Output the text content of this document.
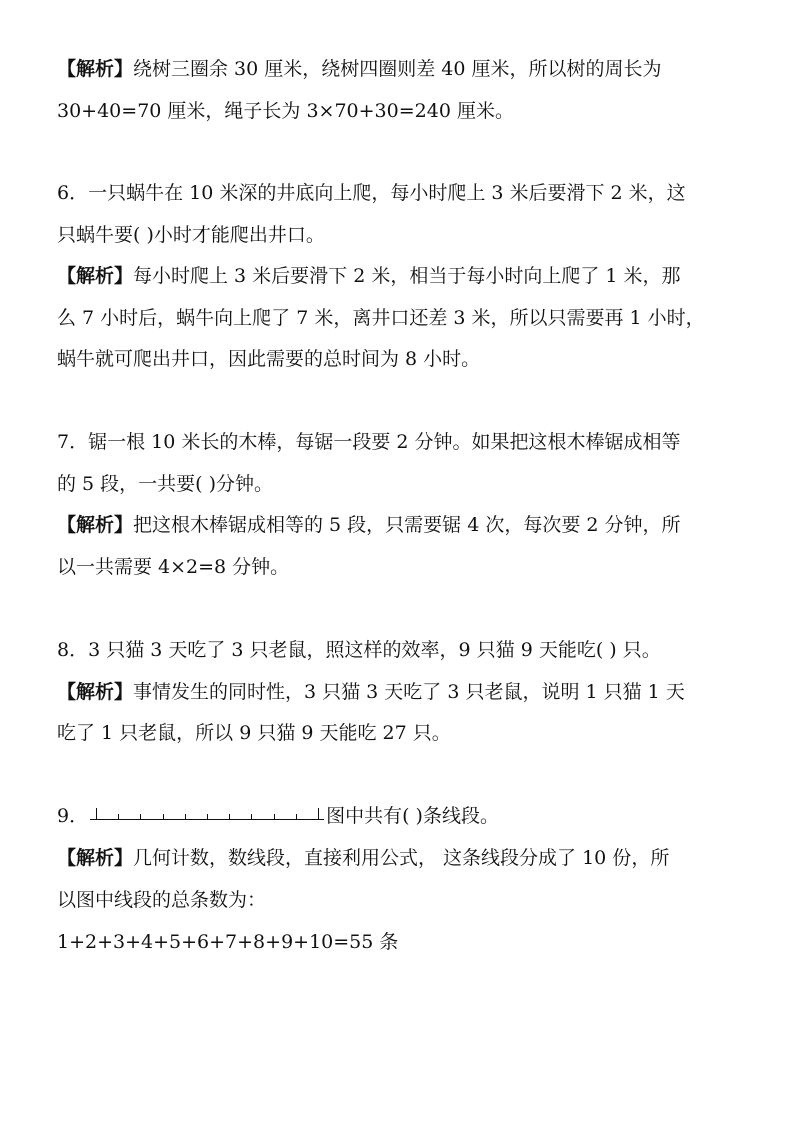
【解析】绕树三圈余 30 厘米，绕树四圈则差 40 厘米，所以树的周长为
30+40=70 厘米，绳子长为 3×70+30=240 厘米。
6．一只蜗牛在 10 米深的井底向上爬，每小时爬上 3 米后要滑下 2 米，这
只蜗牛要( )小时才能爬出井口。
【解析】每小时爬上 3 米后要滑下 2 米，相当于每小时向上爬了 1 米，那
么 7 小时后，蜗牛向上爬了 7 米，离井口还差 3 米，所以只需要再 1 小时，
蜗牛就可爬出井口，因此需要的总时间为 8 小时。
7．锯一根 10 米长的木棒，每锯一段要 2 分钟。如果把这根木棒锯成相等
的 5 段，一共要( )分钟。
【解析】把这根木棒锯成相等的 5 段，只需要锯 4 次，每次要 2 分钟，所
以一共需要 4×2=8 分钟。
8．3 只猫 3 天吃了 3 只老鼠，照这样的效率，9 只猫 9 天能吃( ) 只。
【解析】事情发生的同时性，3 只猫 3 天吃了 3 只老鼠，说明 1 只猫 1 天
吃了 1 只老鼠，所以 9 只猫 9 天能吃 27 只。
9．	图中共有( )条线段。
【解析】几何计数，数线段，直接利用公式， 这条线段分成了 10 份，所
以图中线段的总条数为：
1+2+3+4+5+6+7+8+9+10=55 条
